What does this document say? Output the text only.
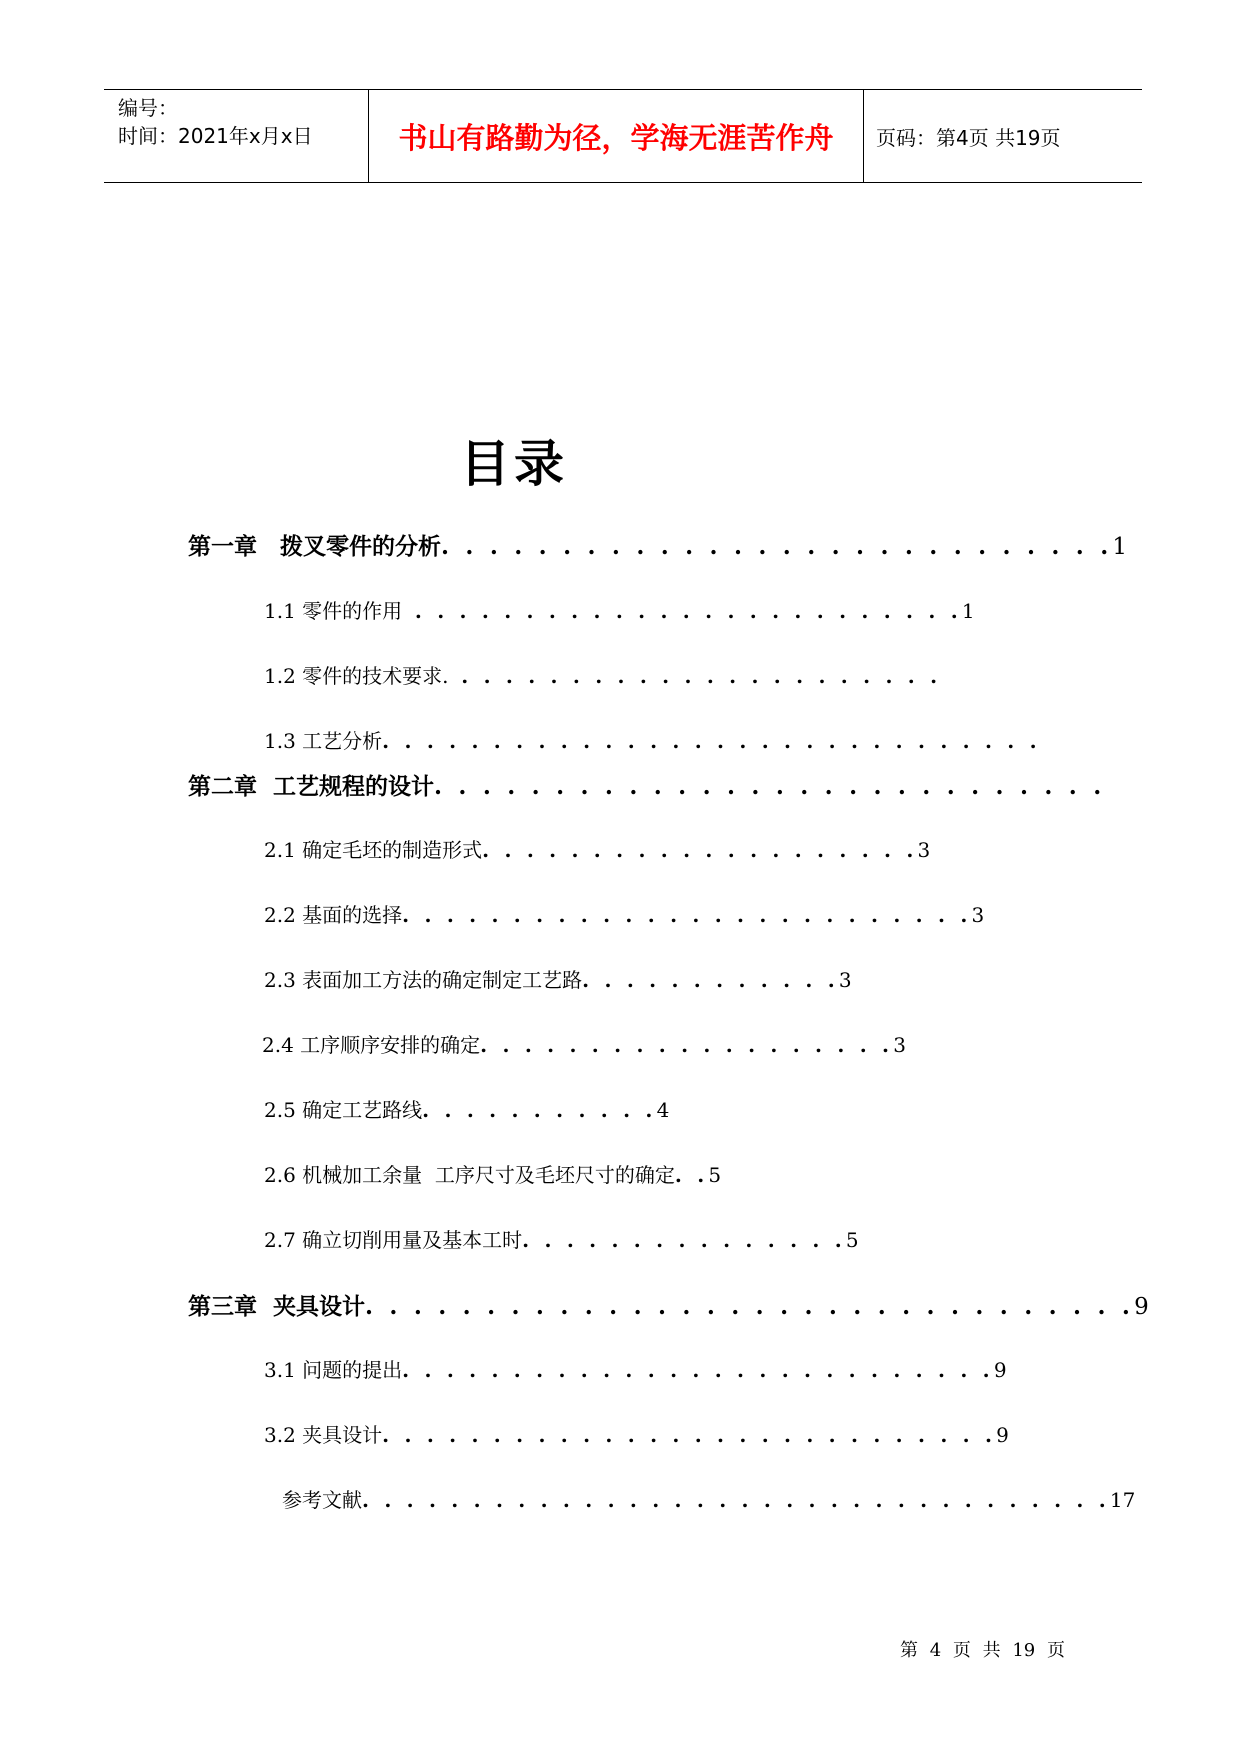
编号：
时间：2021年x月x日	书山有路勤为径，学海无涯苦作舟	页码：第4页 共19页
目录
第一章　拨叉零件的分析 . . . . . . . . . . . . . . . . . . . . . . . . . . . . 1
1.1 零件的作用 . . . . . . . . . . . . . . . . . . . . . . . . . 1
1.2 零件的技术要求. . . . . . . . . . . . . . . . . . . . . . .
1.3 工艺分析 . . . . . . . . . . . . . . . . . . . . . . . . . . . . . .
第二章  工艺规程的设计 . . . . . . . . . . . . . . . . . . . . . . . . . . . .
2.1 确定毛坯的制造形式 . . . . . . . . . . . . . . . . . . . . 3
2.2 基面的选择 . . . . . . . . . . . . . . . . . . . . . . . . . . 3
2.3 表面加工方法的确定制定工艺路 . . . . . . . . . . . . 3
2.4 工序顺序安排的确定 . . . . . . . . . . . . . . . . . . . 3
2.5 确定工艺路线 . . . . . . . . . . . 4
2.6 机械加工余量  工序尺寸及毛坯尺寸的确定 . . 5
2.7 确立切削用量及基本工时 . . . . . . . . . . . . . . . 5
第三章  夹具设计 . . . . . . . . . . . . . . . . . . . . . . . . . . . . . . . . 9
3.1 问题的提出 . . . . . . . . . . . . . . . . . . . . . . . . . . . 9
3.2 夹具设计 . . . . . . . . . . . . . . . . . . . . . . . . . . . . 9
参考文献 . . . . . . . . . . . . . . . . . . . . . . . . . . . . . . . . . . 17
第 4 页 共 19 页
